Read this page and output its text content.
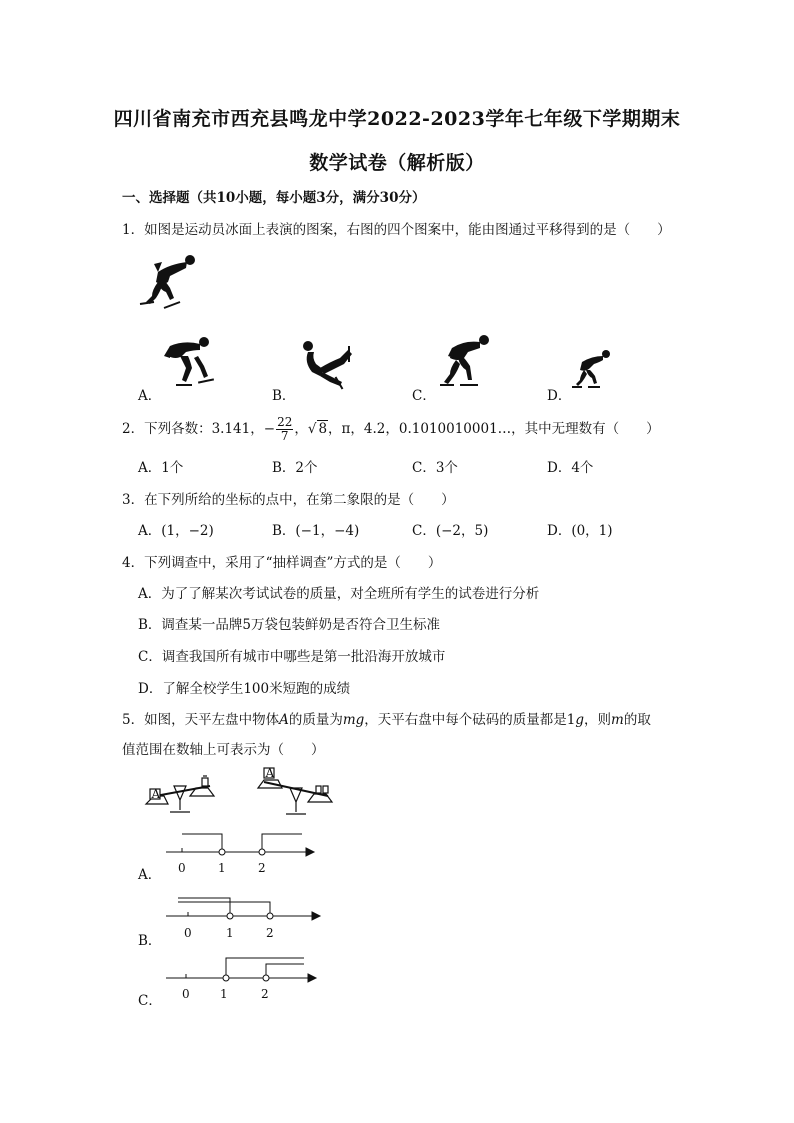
四川省南充市西充县鸣龙中学2022-2023学年七年级下学期期末
数学试卷（解析版）
一、选择题（共10小题，每小题3分，满分30分）
1．如图是运动员冰面上表演的图案，右图的四个图案中，能由图通过平移得到的是（　　）
A．	B．	C．	D．
2．下列各数：3.141，− $\frac{22}{7}$ ，√ 8，π，4.2，0.1010010001…，其中无理数有（　　）
A．1个	B．2个	C．3个	D．4个
3．在下列所给的坐标的点中，在第二象限的是（　　）
A．(1，−2)	B．(−1，−4)	C．(−2，5)	D．(0，1)
4．下列调查中，采用了“抽样调查”方式的是（　　）
A．为了了解某次考试试卷的质量，对全班所有学生的试卷进行分析
B．调查某一品牌5万袋包装鲜奶是否符合卫生标准
C．调查我国所有城市中哪些是第一批沿海开放城市
D．了解全校学生100米短跑的成绩
5．如图，天平左盘中物体A的质量为mg，天平右盘中每个砝码的质量都是1g，则m的取
值范围在数轴上可表示为（　　）
A
A
A． 0	1	2
B． 0	1	2
C． 0	1	2
